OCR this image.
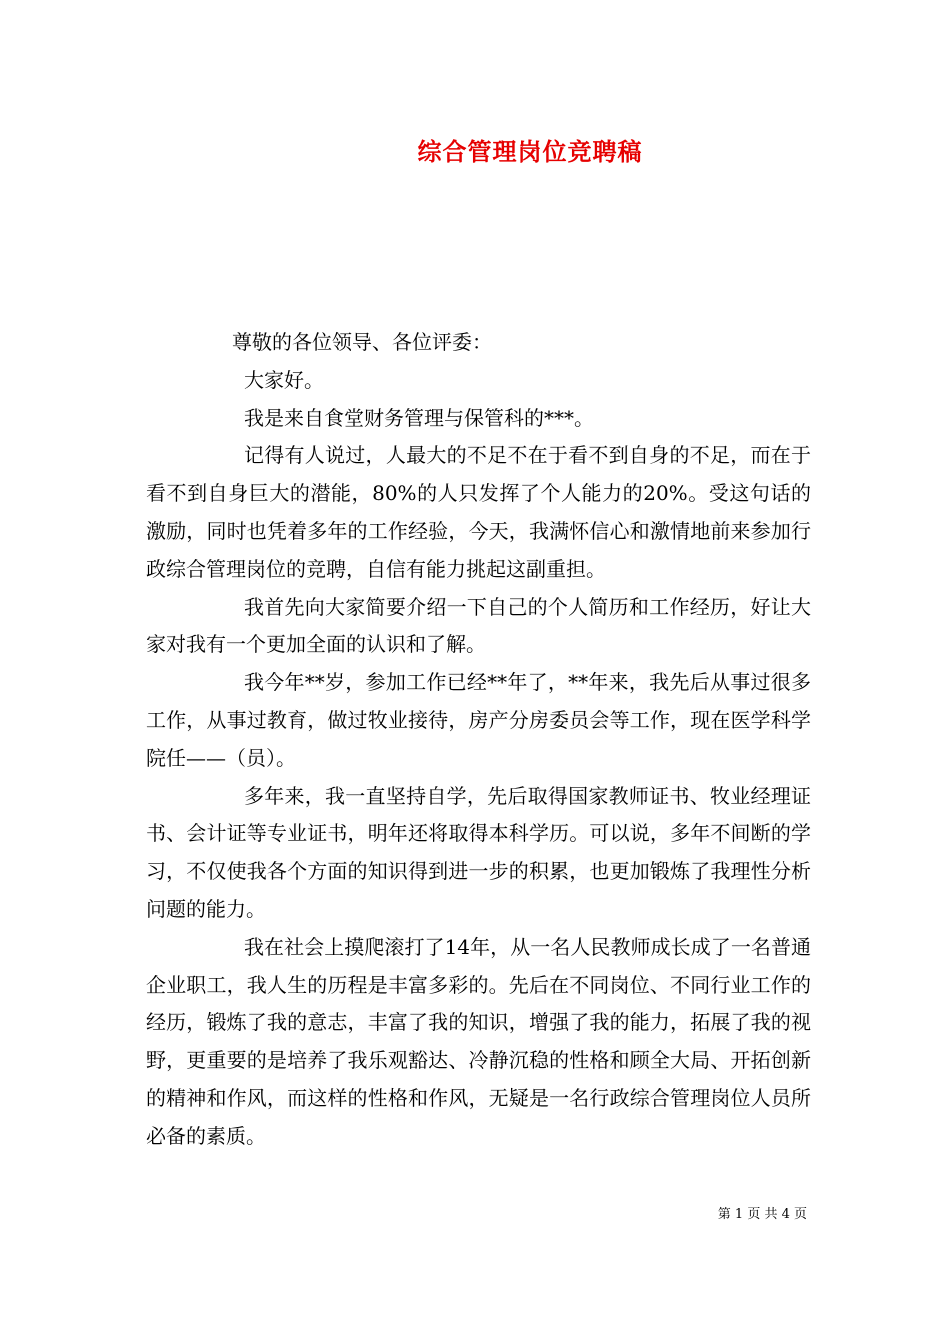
综合管理岗位竞聘稿

尊敬的各位领导、各位评委：

大家好。

我是来自食堂财务管理与保管科的***。

记得有人说过，人最大的不足不在于看不到自身的不足，而在于看不到自身巨大的潜能，80%的人只发挥了个人能力的20%。受这句话的激励，同时也凭着多年的工作经验，今天，我满怀信心和激情地前来参加行政综合管理岗位的竞聘，自信有能力挑起这副重担。

我首先向大家简要介绍一下自己的个人简历和工作经历，好让大家对我有一个更加全面的认识和了解。

我今年**岁，参加工作已经**年了，**年来，我先后从事过很多工作，从事过教育，做过牧业接待，房产分房委员会等工作，现在医学科学院任——（员）。

多年来，我一直坚持自学，先后取得国家教师证书、牧业经理证书、会计证等专业证书，明年还将取得本科学历。可以说，多年不间断的学习，不仅使我各个方面的知识得到进一步的积累，也更加锻炼了我理性分析问题的能力。

我在社会上摸爬滚打了14年，从一名人民教师成长成了一名普通企业职工，我人生的历程是丰富多彩的。先后在不同岗位、不同行业工作的经历，锻炼了我的意志，丰富了我的知识，增强了我的能力，拓展了我的视野，更重要的是培养了我乐观豁达、冷静沉稳的性格和顾全大局、开拓创新的精神和作风，而这样的性格和作风，无疑是一名行政综合管理岗位人员所必备的素质。

第 1 页 共 4 页
